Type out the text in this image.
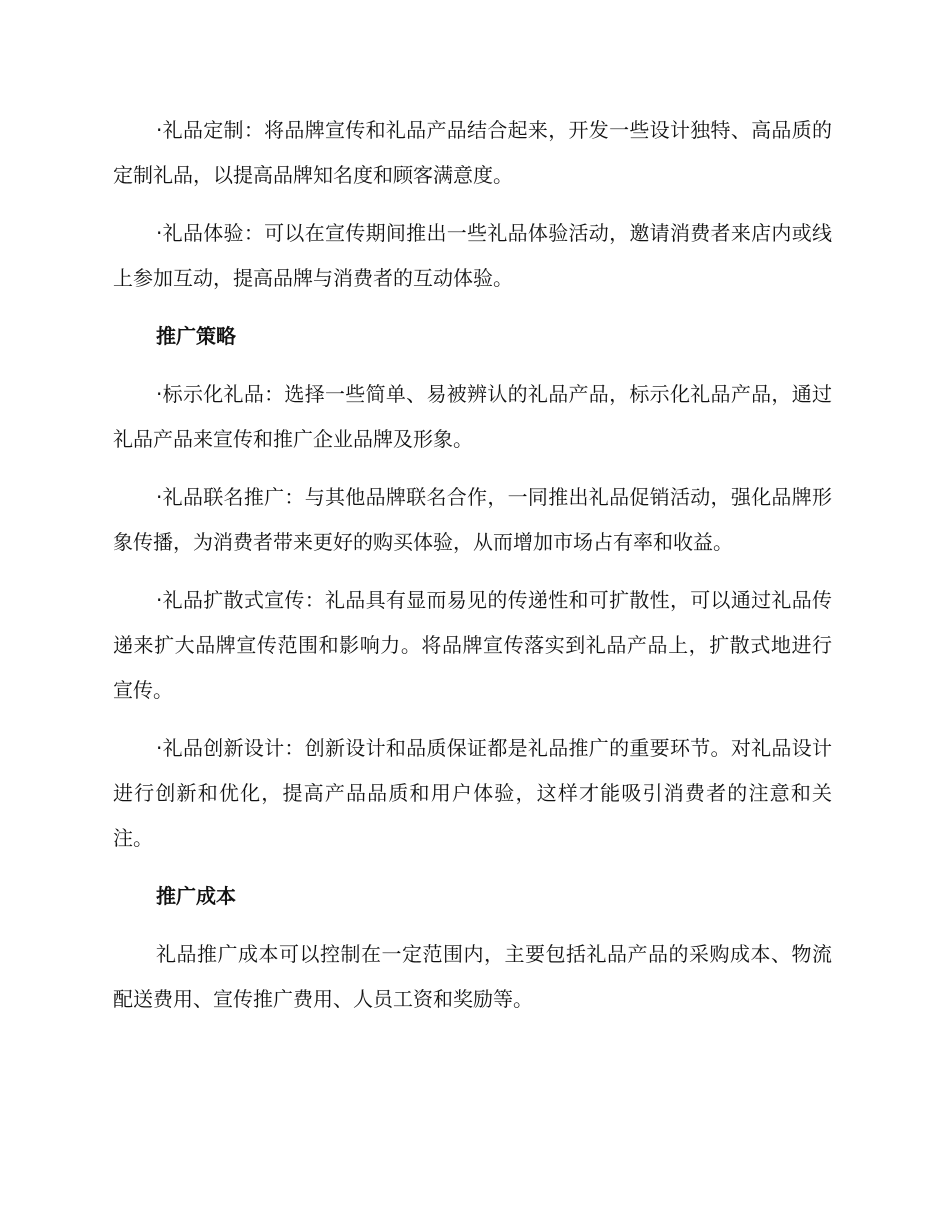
·礼品定制：将品牌宣传和礼品产品结合起来，开发一些设计独特、高品质的定制礼品，以提高品牌知名度和顾客满意度。

·礼品体验：可以在宣传期间推出一些礼品体验活动，邀请消费者来店内或线上参加互动，提高品牌与消费者的互动体验。

推广策略

·标示化礼品：选择一些简单、易被辨认的礼品产品，标示化礼品产品，通过礼品产品来宣传和推广企业品牌及形象。

·礼品联名推广：与其他品牌联名合作，一同推出礼品促销活动，强化品牌形象传播，为消费者带来更好的购买体验，从而增加市场占有率和收益。

·礼品扩散式宣传：礼品具有显而易见的传递性和可扩散性，可以通过礼品传递来扩大品牌宣传范围和影响力。将品牌宣传落实到礼品产品上，扩散式地进行宣传。

·礼品创新设计：创新设计和品质保证都是礼品推广的重要环节。对礼品设计进行创新和优化，提高产品品质和用户体验，这样才能吸引消费者的注意和关注。

推广成本

礼品推广成本可以控制在一定范围内，主要包括礼品产品的采购成本、物流配送费用、宣传推广费用、人员工资和奖励等。
